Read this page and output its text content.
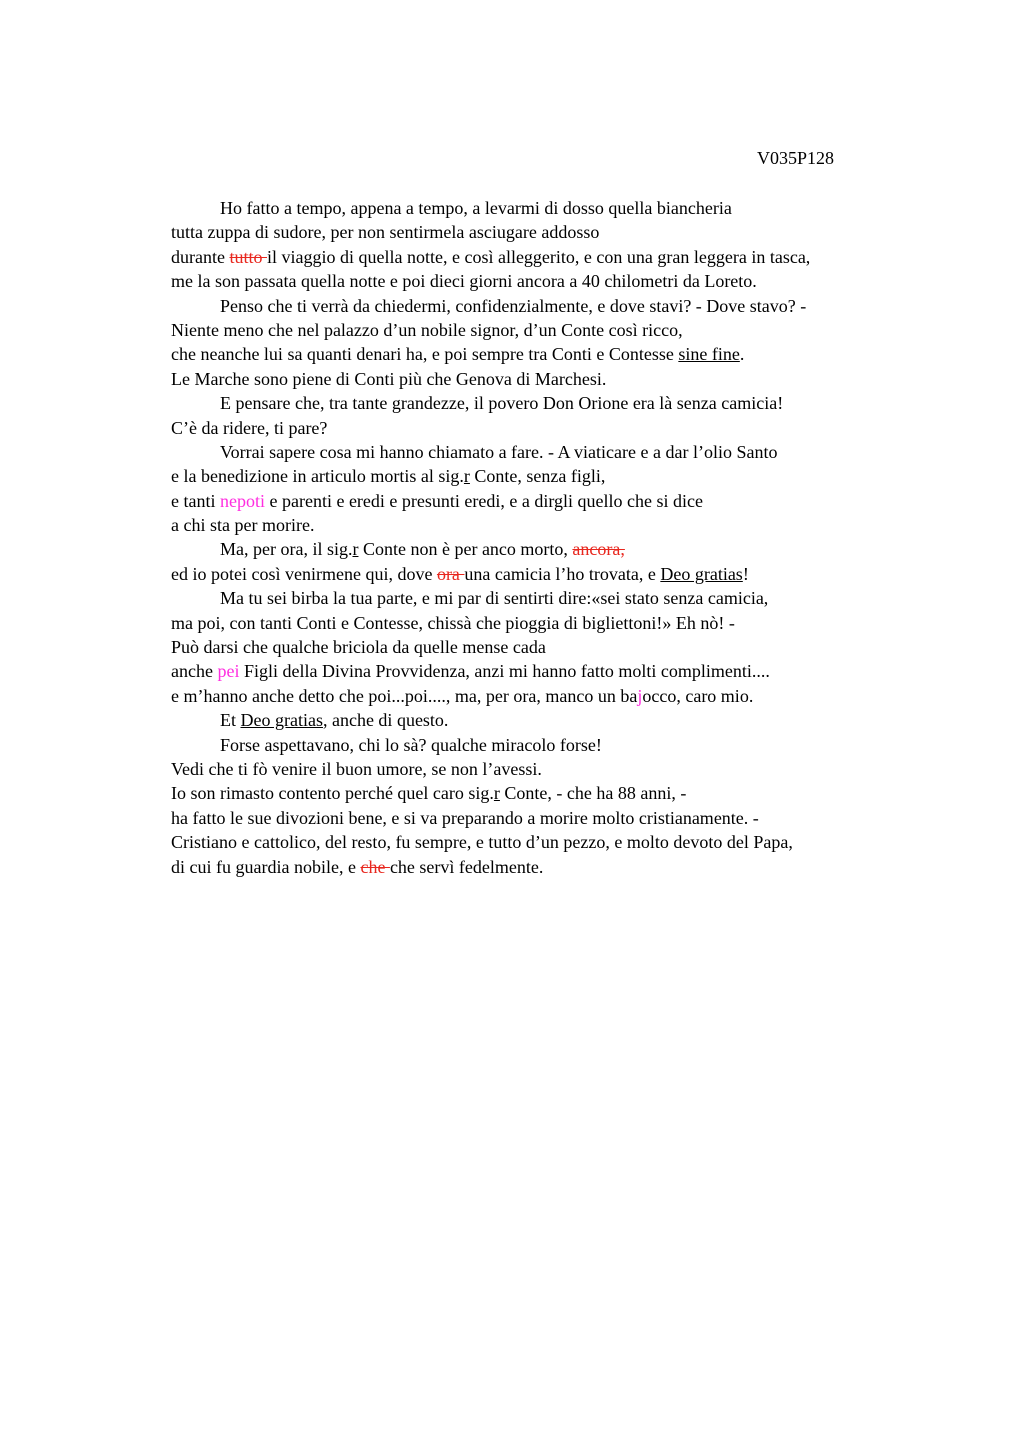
V035P128
Ho fatto a tempo, appena a tempo, a levarmi di dosso quella biancheria
tutta zuppa di sudore, per non sentirmela asciugare addosso
durante tutto il viaggio di quella notte, e così alleggerito, e con una gran leggera in tasca,
me la son passata quella notte e poi dieci giorni ancora a 40 chilometri da Loreto.
Penso che ti verrà da chiedermi, confidenzialmente, e dove stavi? - Dove stavo? -
Niente meno che nel palazzo d’un nobile signor, d’un Conte così ricco,
che neanche lui sa quanti denari ha, e poi sempre tra Conti e Contesse sine fine.
Le Marche sono piene di Conti più che Genova di Marchesi.
E pensare che, tra tante grandezze, il povero Don Orione era là senza camicia!
C’è da ridere, ti pare?
Vorrai sapere cosa mi hanno chiamato a fare. - A viaticare e a dar l’olio Santo
e la benedizione in articulo mortis al sig.r Conte, senza figli,
e tanti nepoti e parenti e eredi e presunti eredi, e a dirgli quello che si dice
a chi sta per morire.
Ma, per ora, il sig.r Conte non è per anco morto, ancora,
ed io potei così venirmene qui, dove ora una camicia l’ho trovata, e Deo gratias!
Ma tu sei birba la tua parte, e mi par di sentirti dire:«sei stato senza camicia,
ma poi, con tanti Conti e Contesse, chissà che pioggia di bigliettoni!» Eh nò! -
Può darsi che qualche briciola da quelle mense cada
anche pei Figli della Divina Provvidenza, anzi mi hanno fatto molti complimenti....
e m’hanno anche detto che poi...poi...., ma, per ora, manco un bajocco, caro mio.
Et Deo gratias, anche di questo.
Forse aspettavano, chi lo sà? qualche miracolo forse!
Vedi che ti fò venire il buon umore, se non l’avessi.
Io son rimasto contento perché quel caro sig.r Conte, - che ha 88 anni, -
ha fatto le sue divozioni bene, e si va preparando a morire molto cristianamente. -
Cristiano e cattolico, del resto, fu sempre, e tutto d’un pezzo, e molto devoto del Papa,
di cui fu guardia nobile, e che che servì fedelmente.
